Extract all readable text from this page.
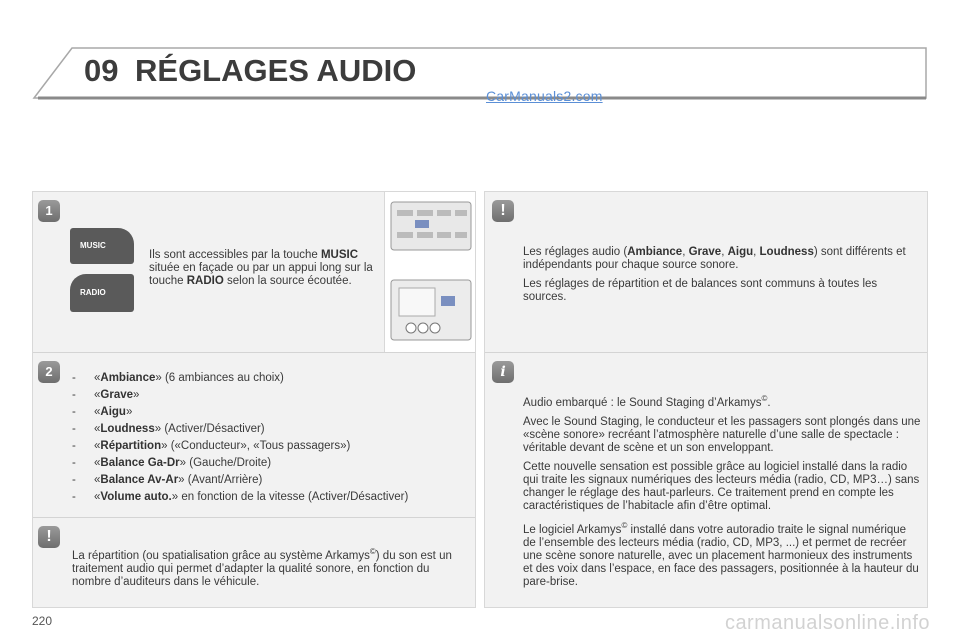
09 RÉGLAGES AUDIO
CarManuals2.com
1
MUSIC
RADIO
Ils sont accessibles par la touche MUSIC située en façade ou par un appui long sur la touche RADIO selon la source écoutée.
2	- «Ambiance» (6 ambiances au choix)
- «Grave»
- «Aigu»
- «Loudness» (Activer/Désactiver)
- «Répartition» («Conducteur», «Tous passagers»)
- «Balance Ga-Dr» (Gauche/Droite)
- «Balance Av-Ar» (Avant/Arrière)
- «Volume auto.» en fonction de la vitesse (Activer/Désactiver)
!
La répartition (ou spatialisation grâce au système Arkamys©) du son est un traitement audio qui permet d’adapter la qualité sonore, en fonction du nombre d’auditeurs dans le véhicule.
!

Les réglages audio (Ambiance, Grave, Aigu, Loudness) sont différents et indépendants pour chaque source sonore.

Les réglages de répartition et de balances sont communs à toutes les sources.

i

Audio embarqué : le Sound Staging d’Arkamys©.

Avec le Sound Staging, le conducteur et les passagers sont plongés dans une «scène sonore» recréant l’atmosphère naturelle d’une salle de spectacle : véritable devant de scène et un son enveloppant.

Cette nouvelle sensation est possible grâce au logiciel installé dans la radio qui traite les signaux numériques des lecteurs média (radio, CD, MP3…) sans changer le réglage des haut-parleurs. Ce traitement prend en compte les caractéristiques de l’habitacle afin d’être optimal.

Le logiciel Arkamys© installé dans votre autoradio traite le signal numérique de l’ensemble des lecteurs média (radio, CD, MP3, ...) et permet de recréer une scène sonore naturelle, avec un placement harmonieux des instruments et des voix dans l’espace, en face des passagers, positionnée à la hauteur du pare-brise.

220	carmanualsonline.info
